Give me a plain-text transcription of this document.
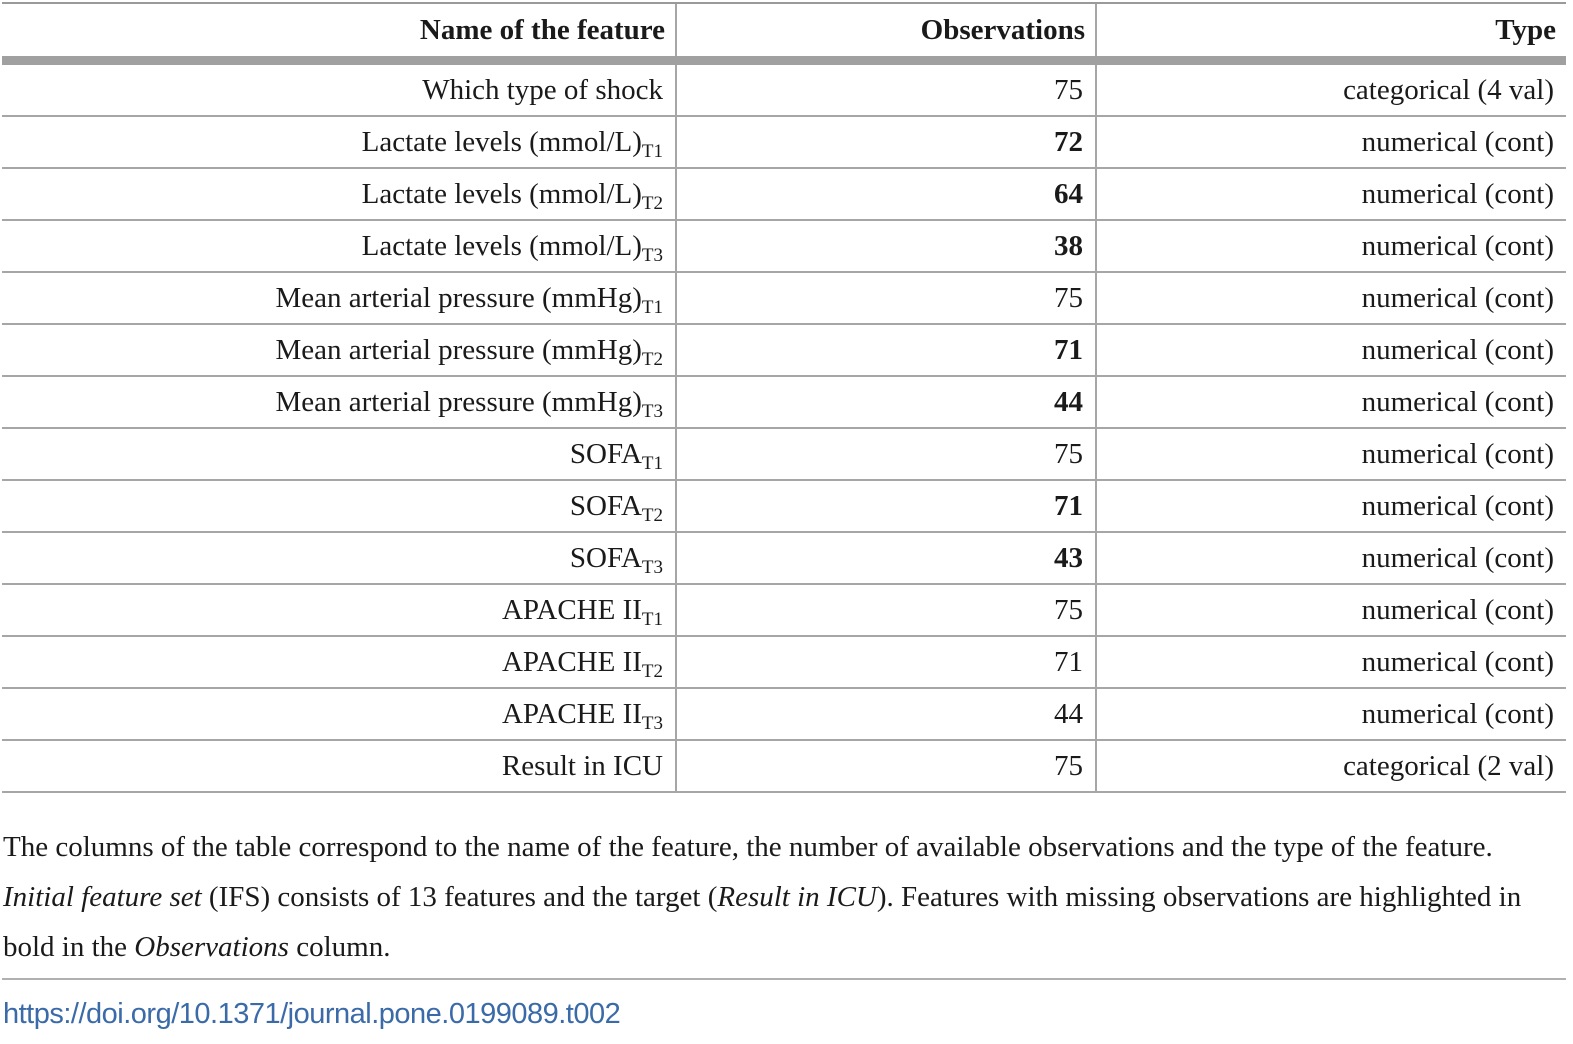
Name of the feature	Observations	Type
Which type of shock	75	categorical (4 val)
Lactate levels $(mmol/L)_{T1}$	72	numerical (cont)
Lactate levels $(mmol/L)_{T2}$	64	numerical (cont)
Lactate levels $(mmol/L)_{T3}$	38	numerical (cont)
Mean arterial pressure $(mmHg)_{T1}$	75	numerical (cont)
Mean arterial pressure $(mmHg)_{T2}$	71	numerical (cont)
Mean arterial pressure $(mmHg)_{T3}$	44	numerical (cont)
$SOFA_{T1}$	75	numerical (cont)
$SOFA_{T2}$	71	numerical (cont)
$SOFA_{T3}$	43	numerical (cont)
APACHE $II_{T1}$	75	numerical (cont)
APACHE $II_{T2}$	71	numerical (cont)
APACHE $II_{T3}$	44	numerical (cont)
Result in ICU	75	categorical (2 val)
The columns of the table correspond to the name of the feature, the number of available observations and the type of the feature. Initial feature set (IFS) consists of 13 features and the target (Result in ICU). Features with missing observations are highlighted in bold in the Observations column.
https://doi.org/10.1371/journal.pone.0199089.t002
